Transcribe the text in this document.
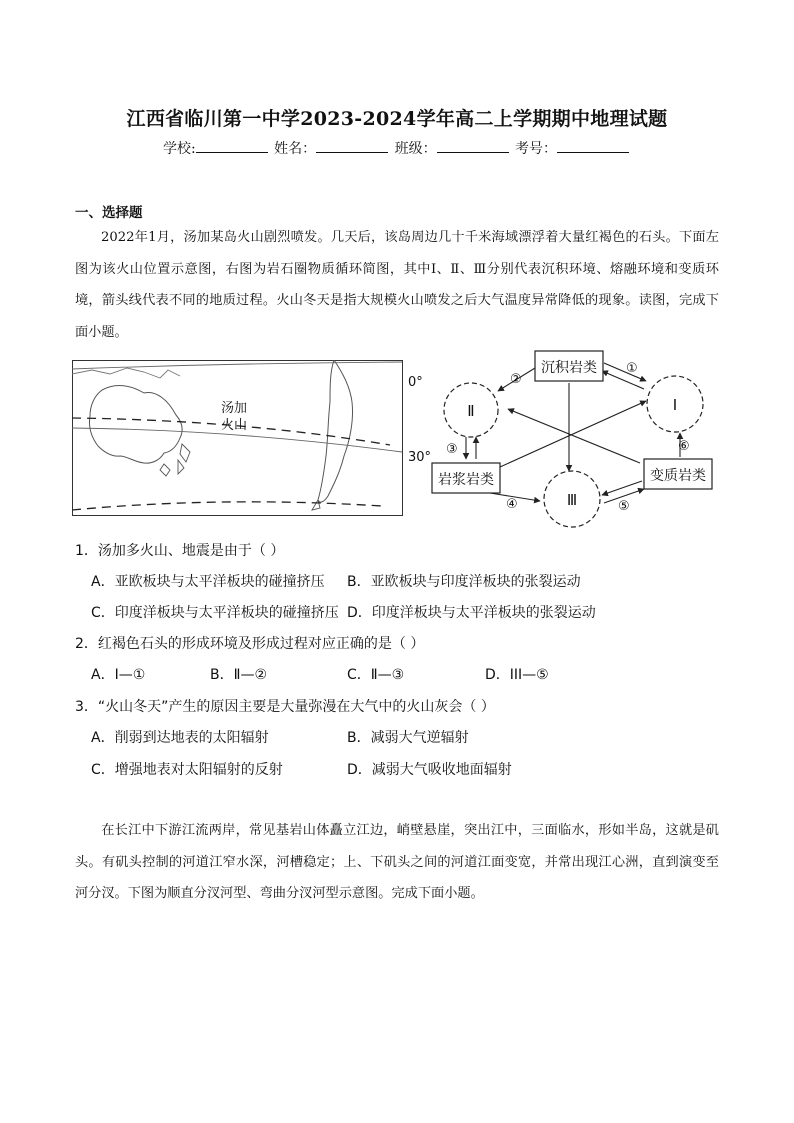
江西省临川第一中学2023-2024学年高二上学期期中地理试题
学校:	姓名：	班级：	考号：
一、选择题
2022年1月，汤加某岛火山剧烈喷发。几天后，该岛周边几十千米海域漂浮着大量红褐色的石头。下面左图为该火山位置示意图，右图为岩石圈物质循环简图，其中Ⅰ、Ⅱ、Ⅲ分别代表沉积环境、熔融环境和变质环境，箭头线代表不同的地质过程。火山冬天是指大规模火山喷发之后大气温度异常降低的现象。读图，完成下面小题。
汤加
火山
0°
30°
沉积岩类
岩浆岩类	变质岩类
Ⅱ	Ⅰ
Ⅲ
①
②
③
④	⑤
⑥
1．汤加多火山、地震是由于（ ）
A．亚欧板块与太平洋板块的碰撞挤压 B．亚欧板块与印度洋板块的张裂运动
C．印度洋板块与太平洋板块的碰撞挤压 D．印度洋板块与太平洋板块的张裂运动
2．红褐色石头的形成环境及形成过程对应正确的是（ ）
A．I—①	B．Ⅱ—②	C．Ⅱ—③	D．III—⑤
3．“火山冬天”产生的原因主要是大量弥漫在大气中的火山灰会（ ）
A．削弱到达地表的太阳辐射	B．减弱大气逆辐射
C．增强地表对太阳辐射的反射	D．减弱大气吸收地面辐射
在长江中下游江流两岸，常见基岩山体矗立江边，峭壁悬崖，突出江中，三面临水，形如半岛，这就是矶头。有矶头控制的河道江窄水深，河槽稳定；上、下矶头之间的河道江面变宽，并常出现江心洲，直到演变至河分汊。下图为顺直分汊河型、弯曲分汊河型示意图。完成下面小题。
